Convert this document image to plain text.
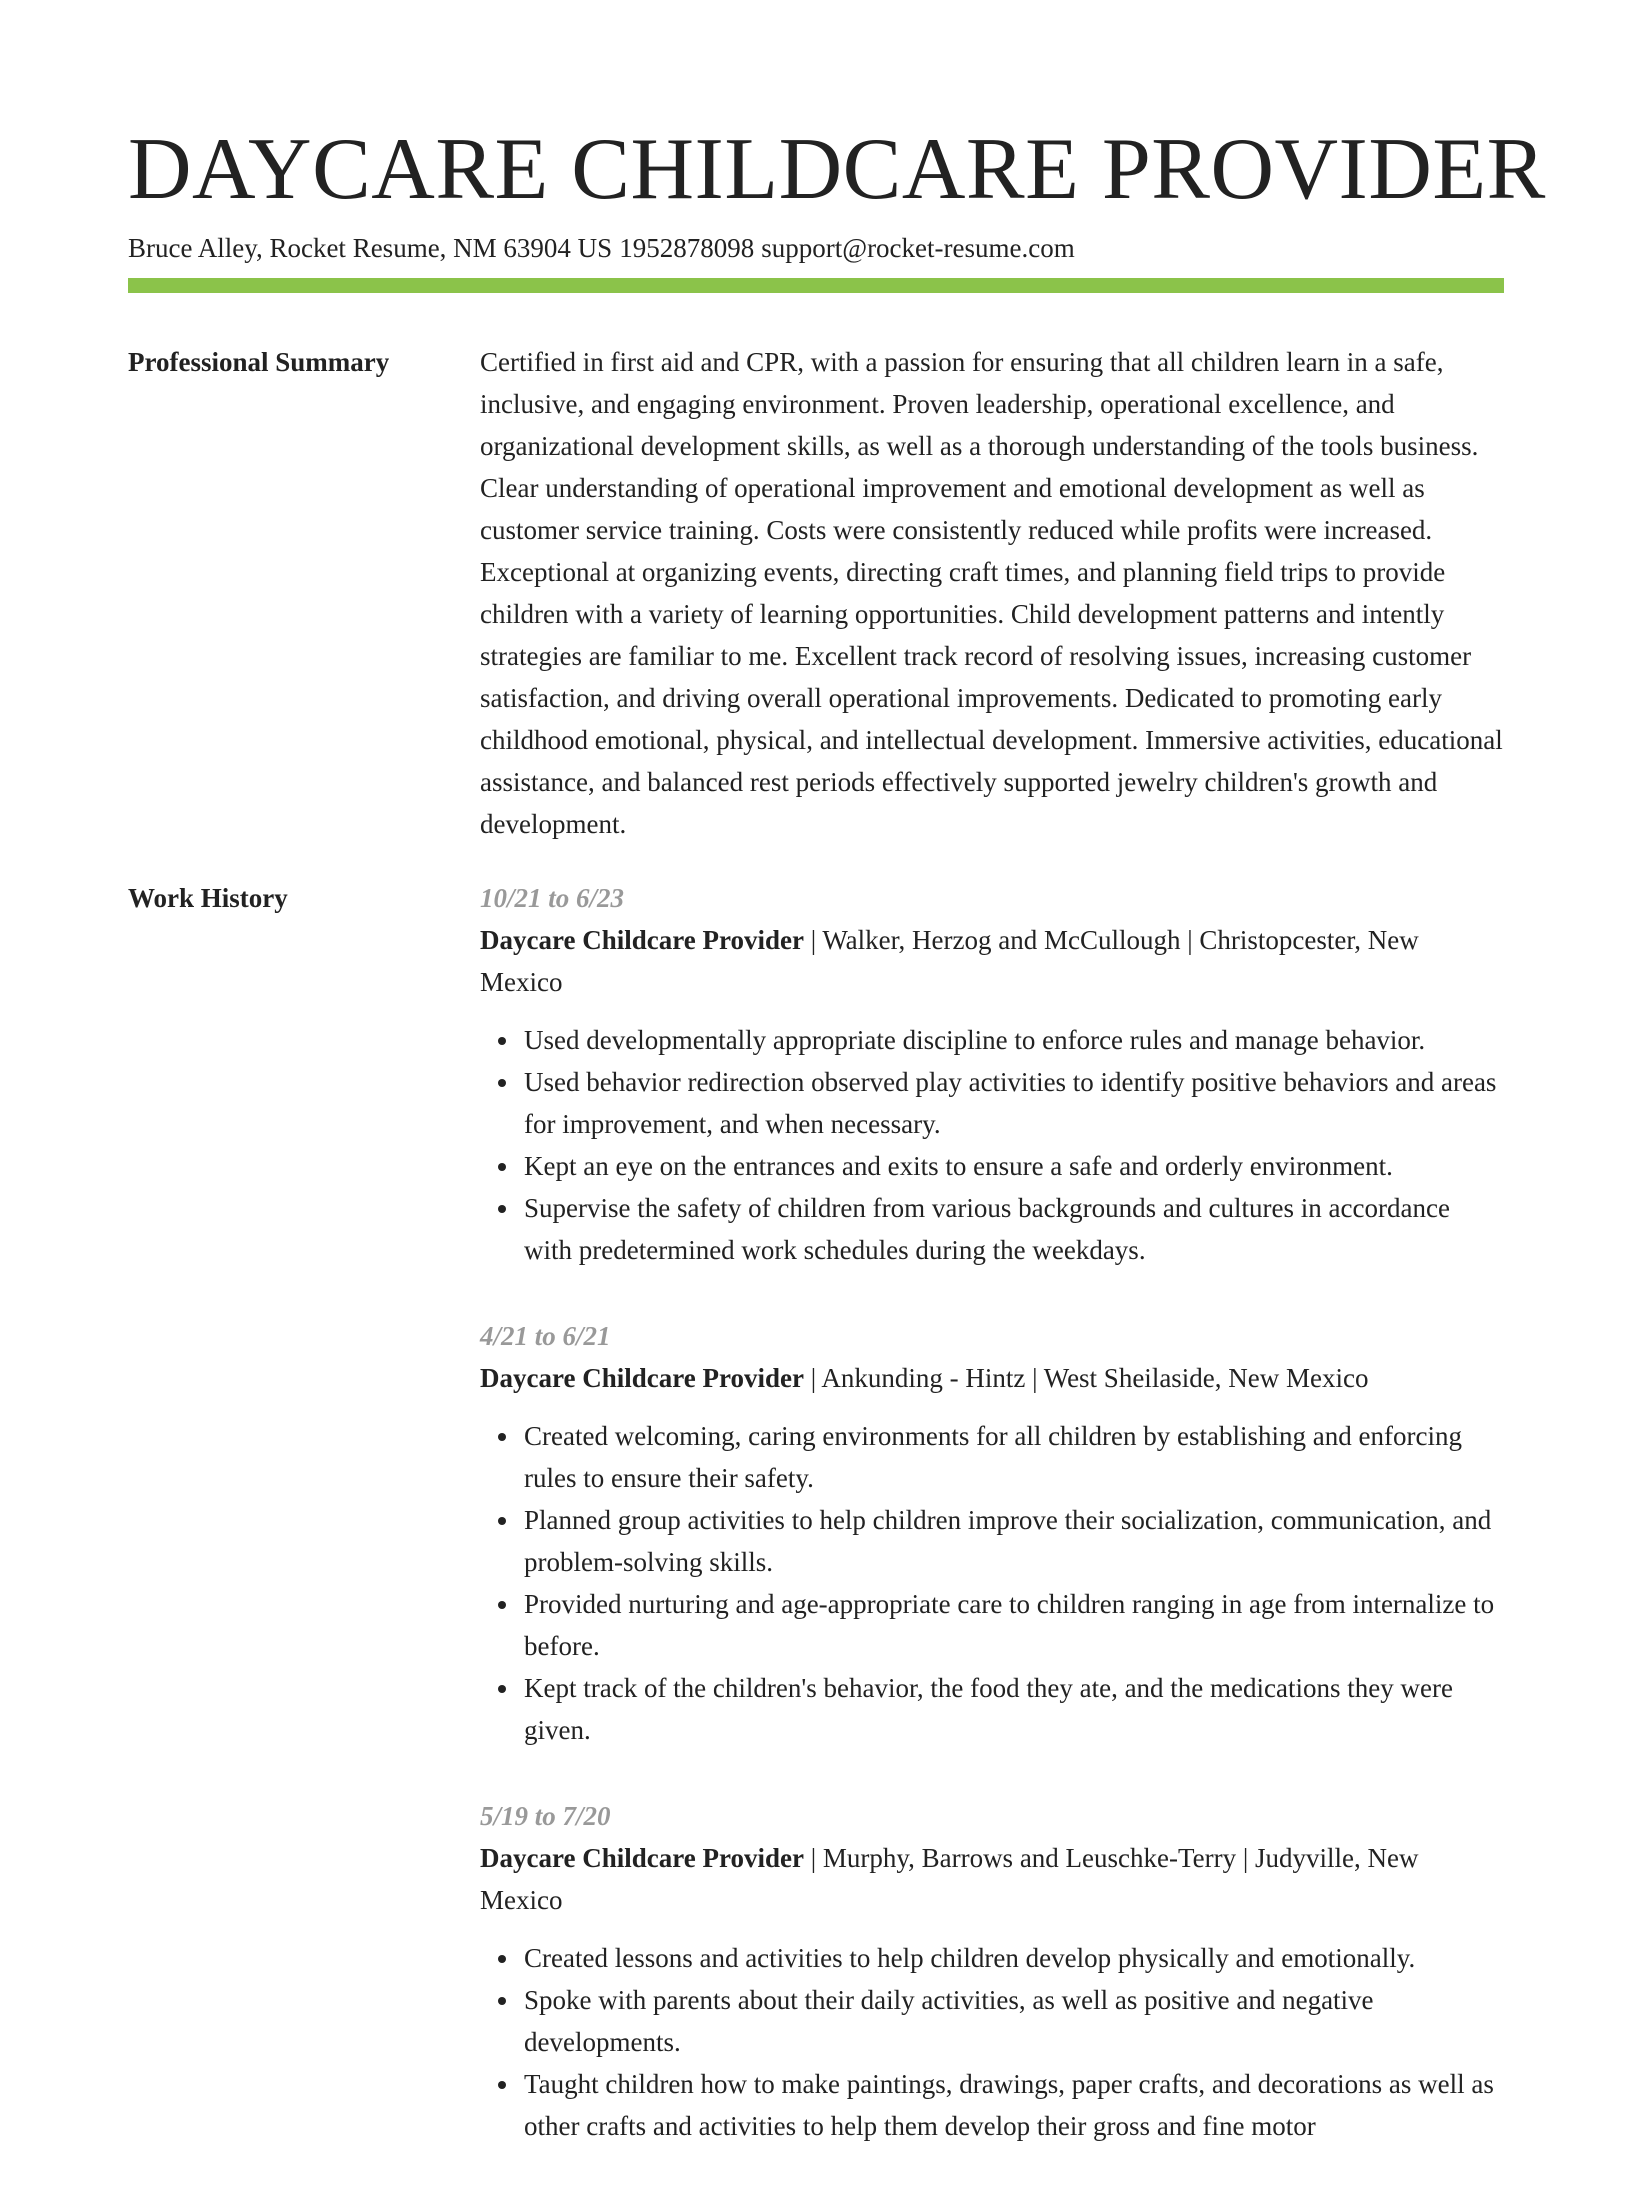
DAYCARE CHILDCARE PROVIDER
Bruce Alley, Rocket Resume, NM 63904 US 1952878098 support@rocket-resume.com
Professional Summary	Certified in first aid and CPR, with a passion for ensuring that all children learn in a safe, inclusive, and engaging environment. Proven leadership, operational excellence, and organizational development skills, as well as a thorough understanding of the tools business. Clear understanding of operational improvement and emotional development as well as customer service training. Costs were consistently reduced while profits were increased. Exceptional at organizing events, directing craft times, and planning field trips to provide children with a variety of learning opportunities. Child development patterns and intently strategies are familiar to me. Excellent track record of resolving issues, increasing customer satisfaction, and driving overall operational improvements. Dedicated to promoting early childhood emotional, physical, and intellectual development. Immersive activities, educational assistance, and balanced rest periods effectively supported jewelry children's growth and development.

Work History	10/21 to 6/23
Daycare Childcare Provider | Walker, Herzog and McCullough | Christopcester, New Mexico
Used developmentally appropriate discipline to enforce rules and manage behavior.
Used behavior redirection observed play activities to identify positive behaviors and areas for improvement, and when necessary.
Kept an eye on the entrances and exits to ensure a safe and orderly environment.
Supervise the safety of children from various backgrounds and cultures in accordance with predetermined work schedules during the weekdays.
4/21 to 6/21
Daycare Childcare Provider | Ankunding - Hintz | West Sheilaside, New Mexico
Created welcoming, caring environments for all children by establishing and enforcing rules to ensure their safety.
Planned group activities to help children improve their socialization, communication, and problem-solving skills.
Provided nurturing and age-appropriate care to children ranging in age from internalize to before.
Kept track of the children's behavior, the food they ate, and the medications they were given.
5/19 to 7/20
Daycare Childcare Provider | Murphy, Barrows and Leuschke-Terry | Judyville, New Mexico
Created lessons and activities to help children develop physically and emotionally.
Spoke with parents about their daily activities, as well as positive and negative developments.
Taught children how to make paintings, drawings, paper crafts, and decorations as well as other crafts and activities to help them develop their gross and fine motor
